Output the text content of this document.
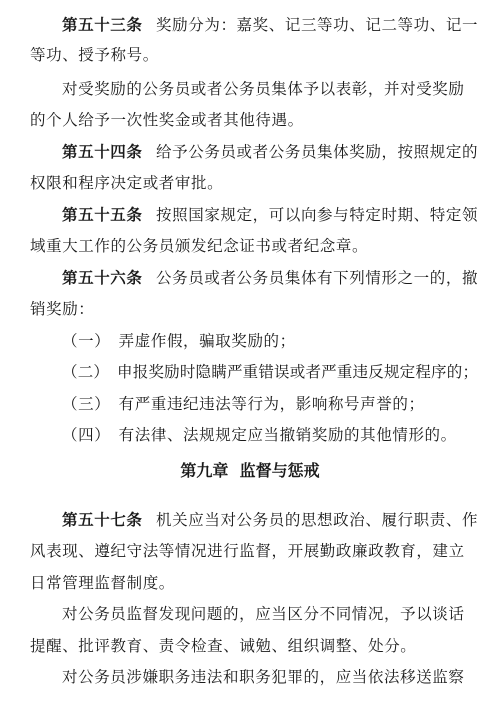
第五十三条 奖励分为：嘉奖、记三等功、记二等功、记一
等功、授予称号。
对受奖励的公务员或者公务员集体予以表彰，并对受奖励
的个人给予一次性奖金或者其他待遇。
第五十四条 给予公务员或者公务员集体奖励，按照规定的
权限和程序决定或者审批。
第五十五条 按照国家规定，可以向参与特定时期、特定领
域重大工作的公务员颁发纪念证书或者纪念章。
第五十六条 公务员或者公务员集体有下列情形之一的，撤
销奖励：
（一）　弄虚作假，骗取奖励的；
（二）　申报奖励时隐瞒严重错误或者严重违反规定程序的；
（三）　有严重违纪违法等行为，影响称号声誉的；
（四）　有法律、法规规定应当撤销奖励的其他情形的。
第九章  监督与惩戒
第五十七条 机关应当对公务员的思想政治、履行职责、作
风表现、遵纪守法等情况进行监督，开展勤政廉政教育，建立
日常管理监督制度。
对公务员监督发现问题的，应当区分不同情况，予以谈话
提醒、批评教育、责令检查、诫勉、组织调整、处分。
对公务员涉嫌职务违法和职务犯罪的，应当依法移送监察
